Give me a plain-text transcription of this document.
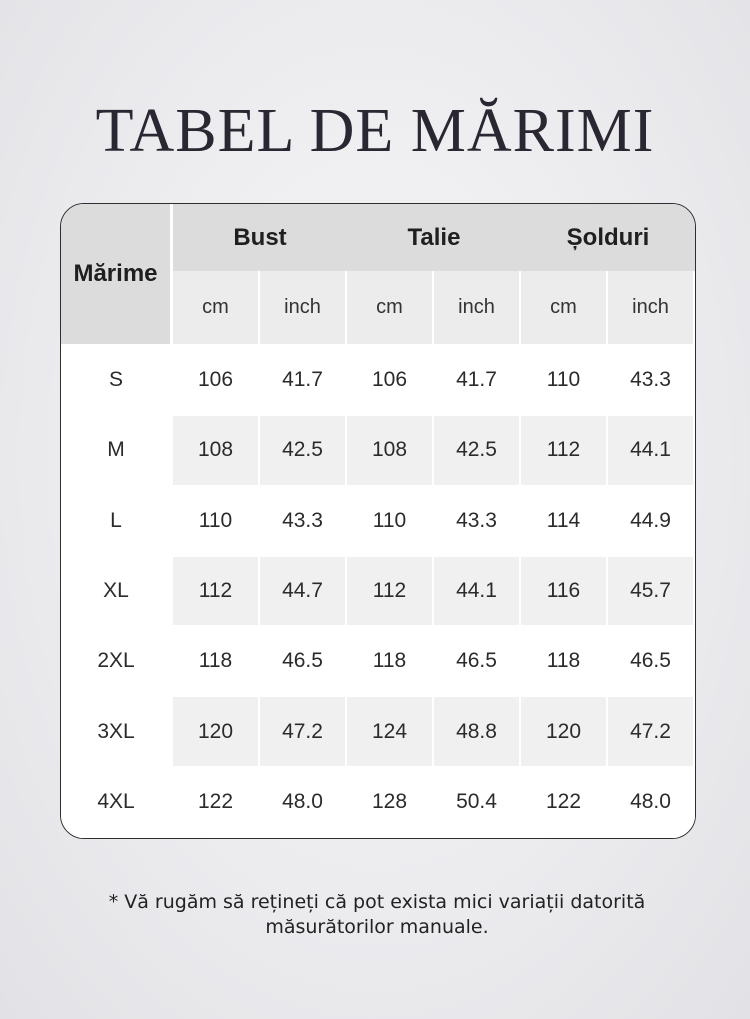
TABEL DE MĂRIMI
Mărime
Bust	Talie	Șolduri
cm	inch	cm	inch	cm	inch
S	106	41.7	106	41.7	110	43.3
M	108	42.5	108	42.5	112	44.1
L	110	43.3	110	43.3	114	44.9
XL	112	44.7	112	44.1	116	45.7
2XL	118	46.5	118	46.5	118	46.5
3XL	120	47.2	124	48.8	120	47.2
4XL	122	48.0	128	50.4	122	48.0
* Vă rugăm să rețineți că pot exista mici variații datorită
măsurătorilor manuale.
